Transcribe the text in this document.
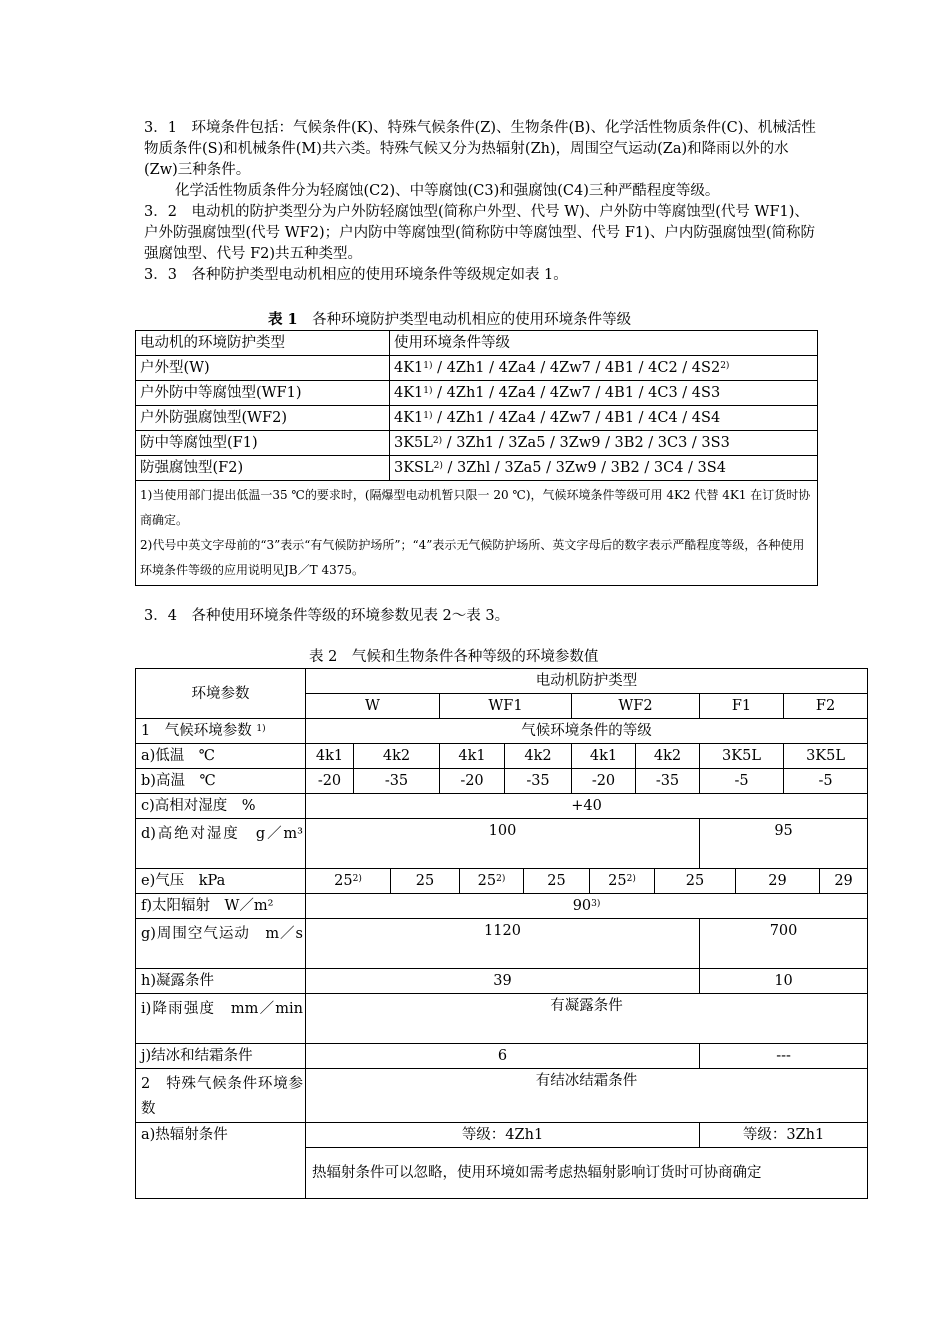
3．1　环境条件包括：气候条件(K)、特殊气候条件(Z)、生物条件(B)、化学活性物质条件(C)、机械活性物质条件(S)和机械条件(M)共六类。特殊气候又分为热辐射(Zh)，周围空气运动(Za)和降雨以外的水(Zw)三种条件。

化学活性物质条件分为轻腐蚀(C2)、中等腐蚀(C3)和强腐蚀(C4)三种严酷程度等级。

3．2　电动机的防护类型分为户外防轻腐蚀型(简称户外型、代号 W)、户外防中等腐蚀型(代号 WF1)、户外防强腐蚀型(代号 WF2)；户内防中等腐蚀型(简称防中等腐蚀型、代号 F1)、户内防强腐蚀型(简称防强腐蚀型、代号 F2)共五种类型。

3．3　各种防护类型电动机相应的使用环境条件等级规定如表 1。

表 1　 各种环境防护类型电动机相应的使用环境条件等级

电动机的环境防护类型	使用环境条件等级
户外型(W)	4K1$^{1)}$ / 4Zh1 / 4Za4 / 4Zw7 / 4B1 / 4C2 / 4S2$^{2)}$
户外防中等腐蚀型(WF1)	4K1$^{1)}$ / 4Zh1 / 4Za4 / 4Zw7 / 4B1 / 4C3 / 4S3
户外防强腐蚀型(WF2)	4K1$^{1)}$ / 4Zh1 / 4Za4 / 4Zw7 / 4B1 / 4C4 / 4S4
防中等腐蚀型(F1)	$3K5L^{2)} / 3Zh1 / 3Za5 / 3Zw9 / 3B2 / 3C3 / 3S3$
防强腐蚀型(F2)	3KSL$^{2)}$ / 3Zhl / 3Za5 / 3Zw9 / 3B2 / 3C4 / 3S4

1)当使用部门提出低温一35 ℃的要求时，(隔爆型电动机暂只限一 20 ℃)，气候环境条件等级可用 4K2 代替 4K1 在订货时协商确定。
2)代号中英文字母前的“3”表示“有气候防护场所”；“4”表示无气候防护场所、英文字母后的数字表示严酷程度等级，各种使用环境条件等级的应用说明见JB／T 4375。	

3．4　各种使用环境条件等级的环境参数见表 2～表 3。

表 2　 气候和生物条件各种等级的环境参数值

环境参数	电动机防护类型														
	W			WF1				WF2				F1		F2	
1　气候环境参数 $^{1)}$	气候环境条件的等级														
a)低温　℃	4k1	4k2		4k1		4k2		4k1		4k2		3K5L		3K5L	
b)高温　℃	-20	-35		-20		-35		-20		-35		-5		-5	
c)高相对湿度　%	+40														
d)高绝对湿度　g／m³	100											95			
e)气压　kPa	25$^{2)}$		25		25$^{2)}$		25		25$^{2)}$		25		29		29
f)太阳辐射　W／m²	90$^{3)}$
g)周围空气运动　m／s	1120											700			
h)凝露条件	39											10			
i)降雨强度　mm／min	有凝露条件														
j)结冰和结霜条件	6											---			
2　特殊气候条件环境参数	有结冰结霜条件														
a)热辐射条件	等级：4Zh1											等级：3Zh1			
	热辐射条件可以忽略，使用环境如需考虑热辐射影响订货时可协商确定														
